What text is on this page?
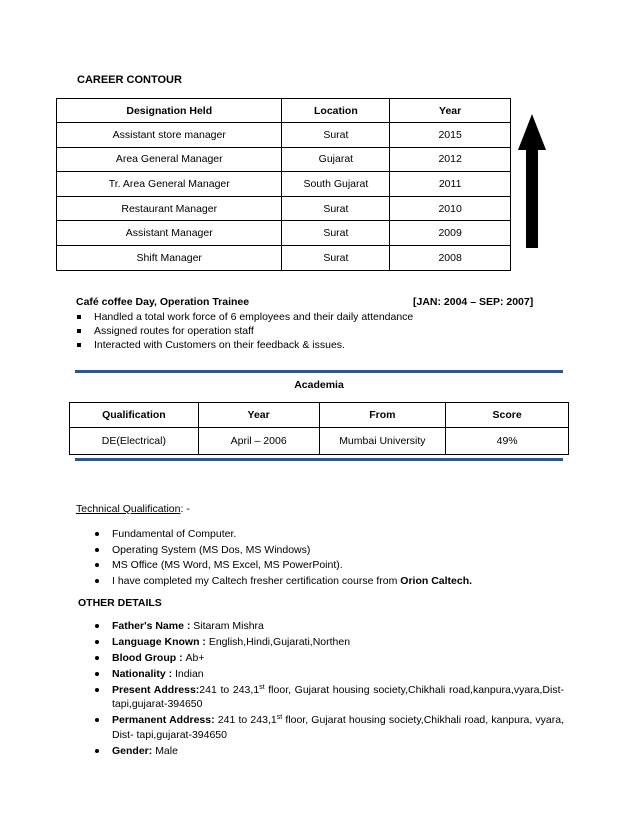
CAREER CONTOUR
Designation Held	Location	Year
Assistant store manager	Surat	2015
Area General Manager	Gujarat	2012
Tr. Area General Manager	South Gujarat	2011
Restaurant Manager	Surat	2010
Assistant Manager	Surat	2009
Shift Manager	Surat	2008
Café coffee Day, Operation Trainee	[JAN: 2004 – SEP: 2007]
Handled a total work force of 6 employees and their daily attendance
Assigned routes for operation staff
Interacted with Customers on their feedback & issues.
Academia
Qualification	Year	From	Score
DE(Electrical)	April – 2006	Mumbai University	49%
Technical Qualification: -
Fundamental of Computer.
Operating System (MS Dos, MS Windows)
MS Office (MS Word, MS Excel, MS PowerPoint).
I have completed my Caltech fresher certification course from Orion Caltech.
OTHER DETAILS
Father's Name : Sitaram Mishra
Language Known : English,Hindi,Gujarati,Northen
Blood Group : Ab+
Nationality : Indian
Present Address:241 to 243,1st floor, Gujarat housing society,Chikhali road,kanpura,vyara,Dist-tapi,gujarat-394650
Permanent Address: 241 to 243,1st floor, Gujarat housing society,Chikhali road, kanpura, vyara, Dist- tapi,gujarat-394650
Gender: Male
